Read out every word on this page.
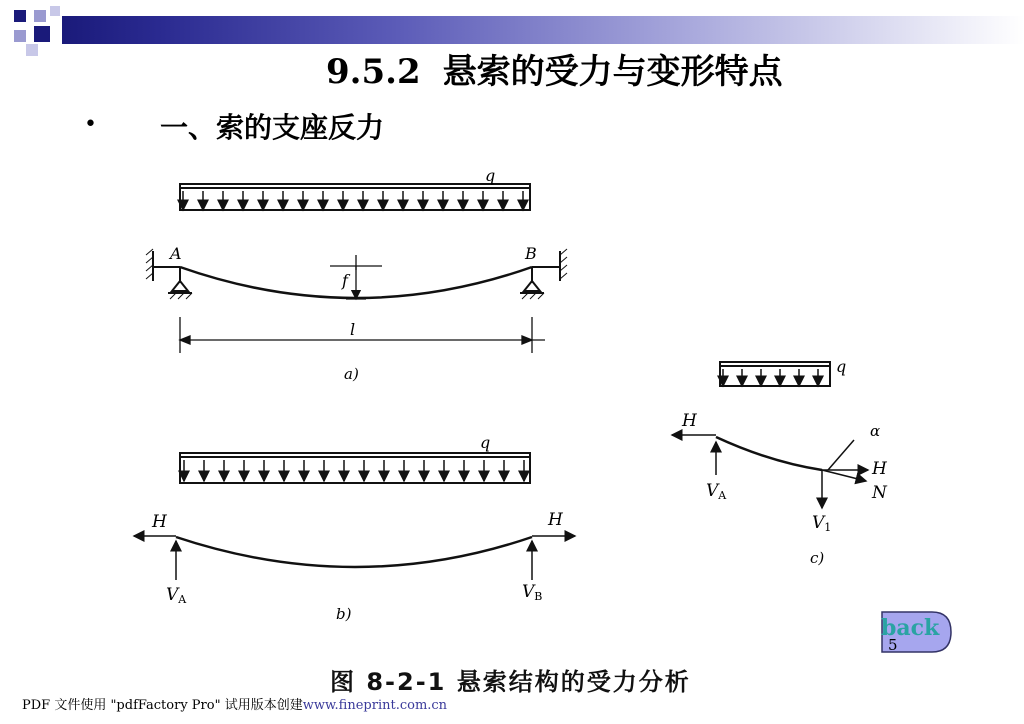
9.5.2 悬索的受力与变形特点
• 一、索的支座反力
q
A	B
f
l
a)
q
H	H
VA	VB
b)
q
H
VA
α
H
N
V1
c)
图 8-2-1 悬索结构的受力分析
back
5
PDF 文件使用 "pdfFactory Pro" 试用版本创建www.fineprint.com.cn
